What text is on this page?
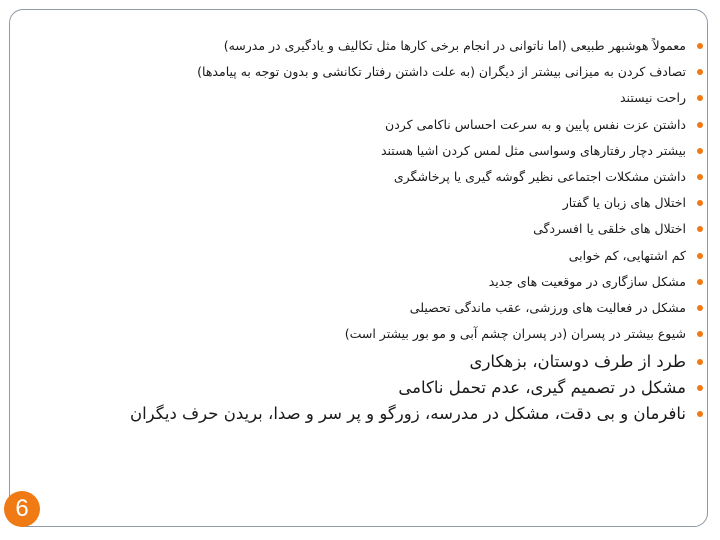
معمولاً هوشبهر طبیعی (اما ناتوانی در انجام برخی کارها مثل تکالیف و یادگیری در مدرسه)
تصادف کردن به میزانی بیشتر از دیگران (به علت داشتن رفتار تکانشی و بدون توجه به پیامدها)
راحت نیستند
داشتن عزت نفس پایین و به سرعت احساس ناکامی کردن
بیشتر دچار رفتارهای وسواسی مثل لمس کردن اشیا هستند
داشتن مشکلات اجتماعی نظیر گوشه گیری یا پرخاشگری
اختلال های زبان یا گفتار
اختلال های خلقی یا افسردگی
کم اشتهایی، کم خوابی
مشکل سازگاری در موقعیت های جدید
مشکل در فعالیت های ورزشی، عقب ماندگی تحصیلی
شیوع بیشتر در پسران (در پسران چشم آبی و مو بور بیشتر است)
طرد از طرف دوستان، بزهکاری
مشکل در تصمیم گیری، عدم تحمل ناکامی
نافرمان و بی دقت، مشکل در مدرسه، زورگو و پر سر و صدا، بریدن حرف دیگران
6
